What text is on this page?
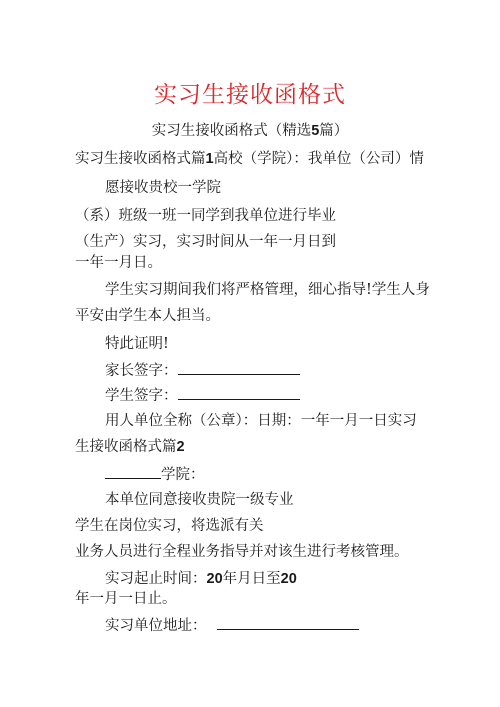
实习生接收函格式
实习生接收函格式（精选5篇）
实习生接收函格式篇1高校（学院）：我单位（公司）情
愿接收贵校一学院
（系）班级一班一同学到我单位进行毕业
（生产）实习，实习时间从一年一月日到
一年一月日。
学生实习期间我们将严格管理，细心指导!学生人身
平安由学生本人担当。
特此证明!
家长签字：
学生签字：
用人单位全称（公章）：日期：一年一月一日实习
生接收函格式篇2
学院：
本单位同意接收贵院一级专业
学生在岗位实习，将选派有关
业务人员进行全程业务指导并对该生进行考核管理。
实习起止时间：20年月日至20
年一月一日止。
实习单位地址：
